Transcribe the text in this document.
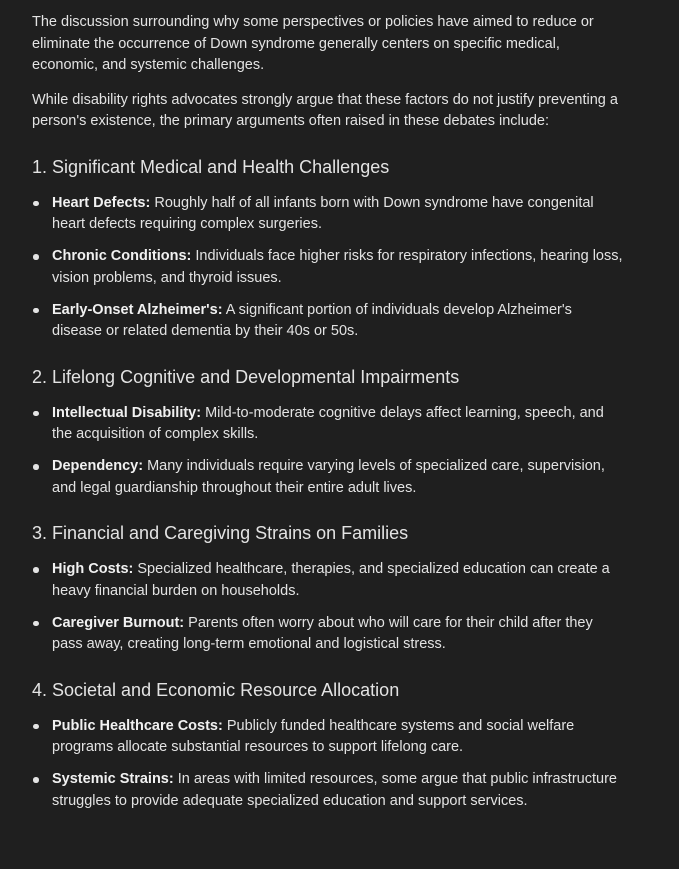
The discussion surrounding why some perspectives or policies have aimed to reduce or eliminate the occurrence of Down syndrome generally centers on specific medical, economic, and systemic challenges.

While disability rights advocates strongly argue that these factors do not justify preventing a person's existence, the primary arguments often raised in these debates include:

1. Significant Medical and Health Challenges
Heart Defects: Roughly half of all infants born with Down syndrome have congenital heart defects requiring complex surgeries.
Chronic Conditions: Individuals face higher risks for respiratory infections, hearing loss, vision problems, and thyroid issues.
Early-Onset Alzheimer's: A significant portion of individuals develop Alzheimer's disease or related dementia by their 40s or 50s.
2. Lifelong Cognitive and Developmental Impairments
Intellectual Disability: Mild-to-moderate cognitive delays affect learning, speech, and the acquisition of complex skills.
Dependency: Many individuals require varying levels of specialized care, supervision, and legal guardianship throughout their entire adult lives.
3. Financial and Caregiving Strains on Families
High Costs: Specialized healthcare, therapies, and specialized education can create a heavy financial burden on households.
Caregiver Burnout: Parents often worry about who will care for their child after they pass away, creating long-term emotional and logistical stress.
4. Societal and Economic Resource Allocation
Public Healthcare Costs: Publicly funded healthcare systems and social welfare programs allocate substantial resources to support lifelong care.
Systemic Strains: In areas with limited resources, some argue that public infrastructure struggles to provide adequate specialized education and support services.
